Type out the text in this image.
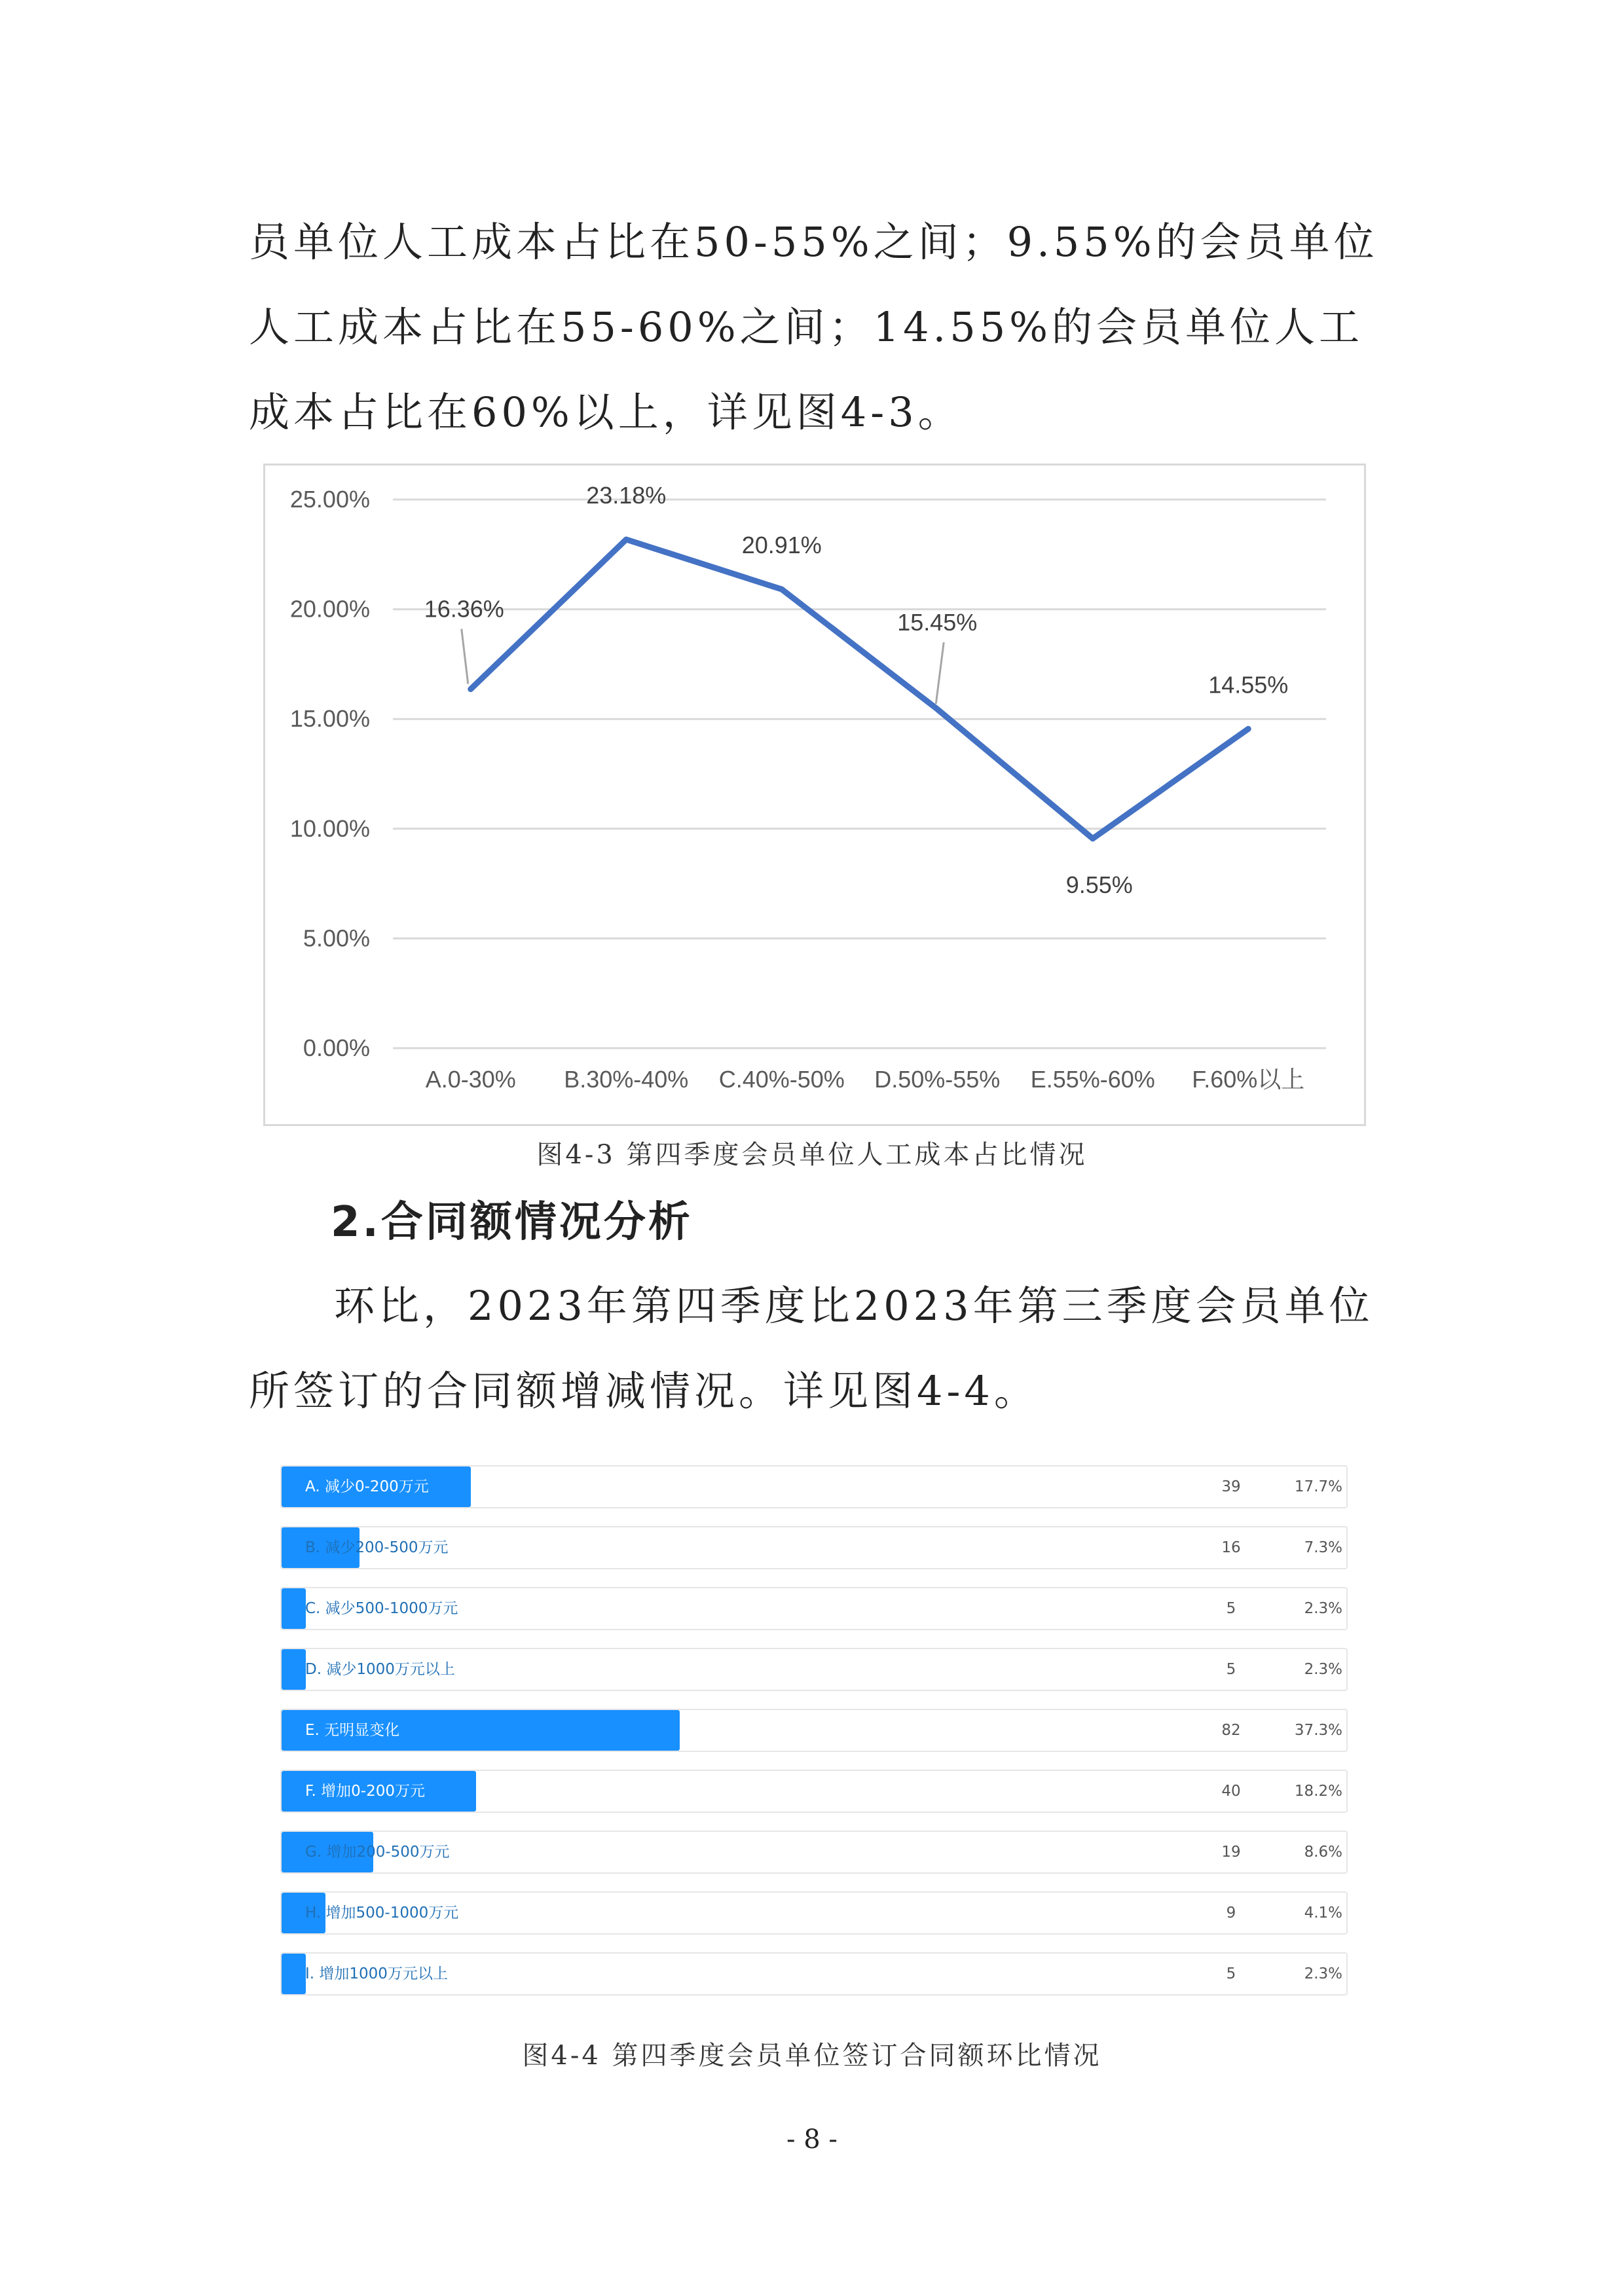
员单位人工成本占比在50-55%之间；9.55%的会员单位人工成本占比在55-60%之间；14.55%的会员单位人工成本占比在60%以上，详见图4-3。

0.00%
5.00%
10.00%
15.00%
20.00%
25.00%
A.0-30% B.30%-40% C.40%-50% D.50%-55% E.55%-60% F.60%以上
16.36%
23.18%
20.91%
15.45%
9.55%
14.55%

图4-3 第四季度会员单位人工成本占比情况

2.合同额情况分析

环比，2023年第四季度比2023年第三季度会员单位所签订的合同额增减情况。详见图4-4。

A. 减少0-200万元	39	17.7%
B. 减少200-500万元	16	7.3%
C. 减少500-1000万元	5	2.3%
D. 减少1000万元以上	5	2.3%
E. 无明显变化	82	37.3%
F. 增加0-200万元	40	18.2%
G. 增加200-500万元	19	8.6%
H. 增加500-1000万元	9	4.1%
I. 增加1000万元以上	5	2.3%

图4-4 第四季度会员单位签订合同额环比情况

- 8 -
